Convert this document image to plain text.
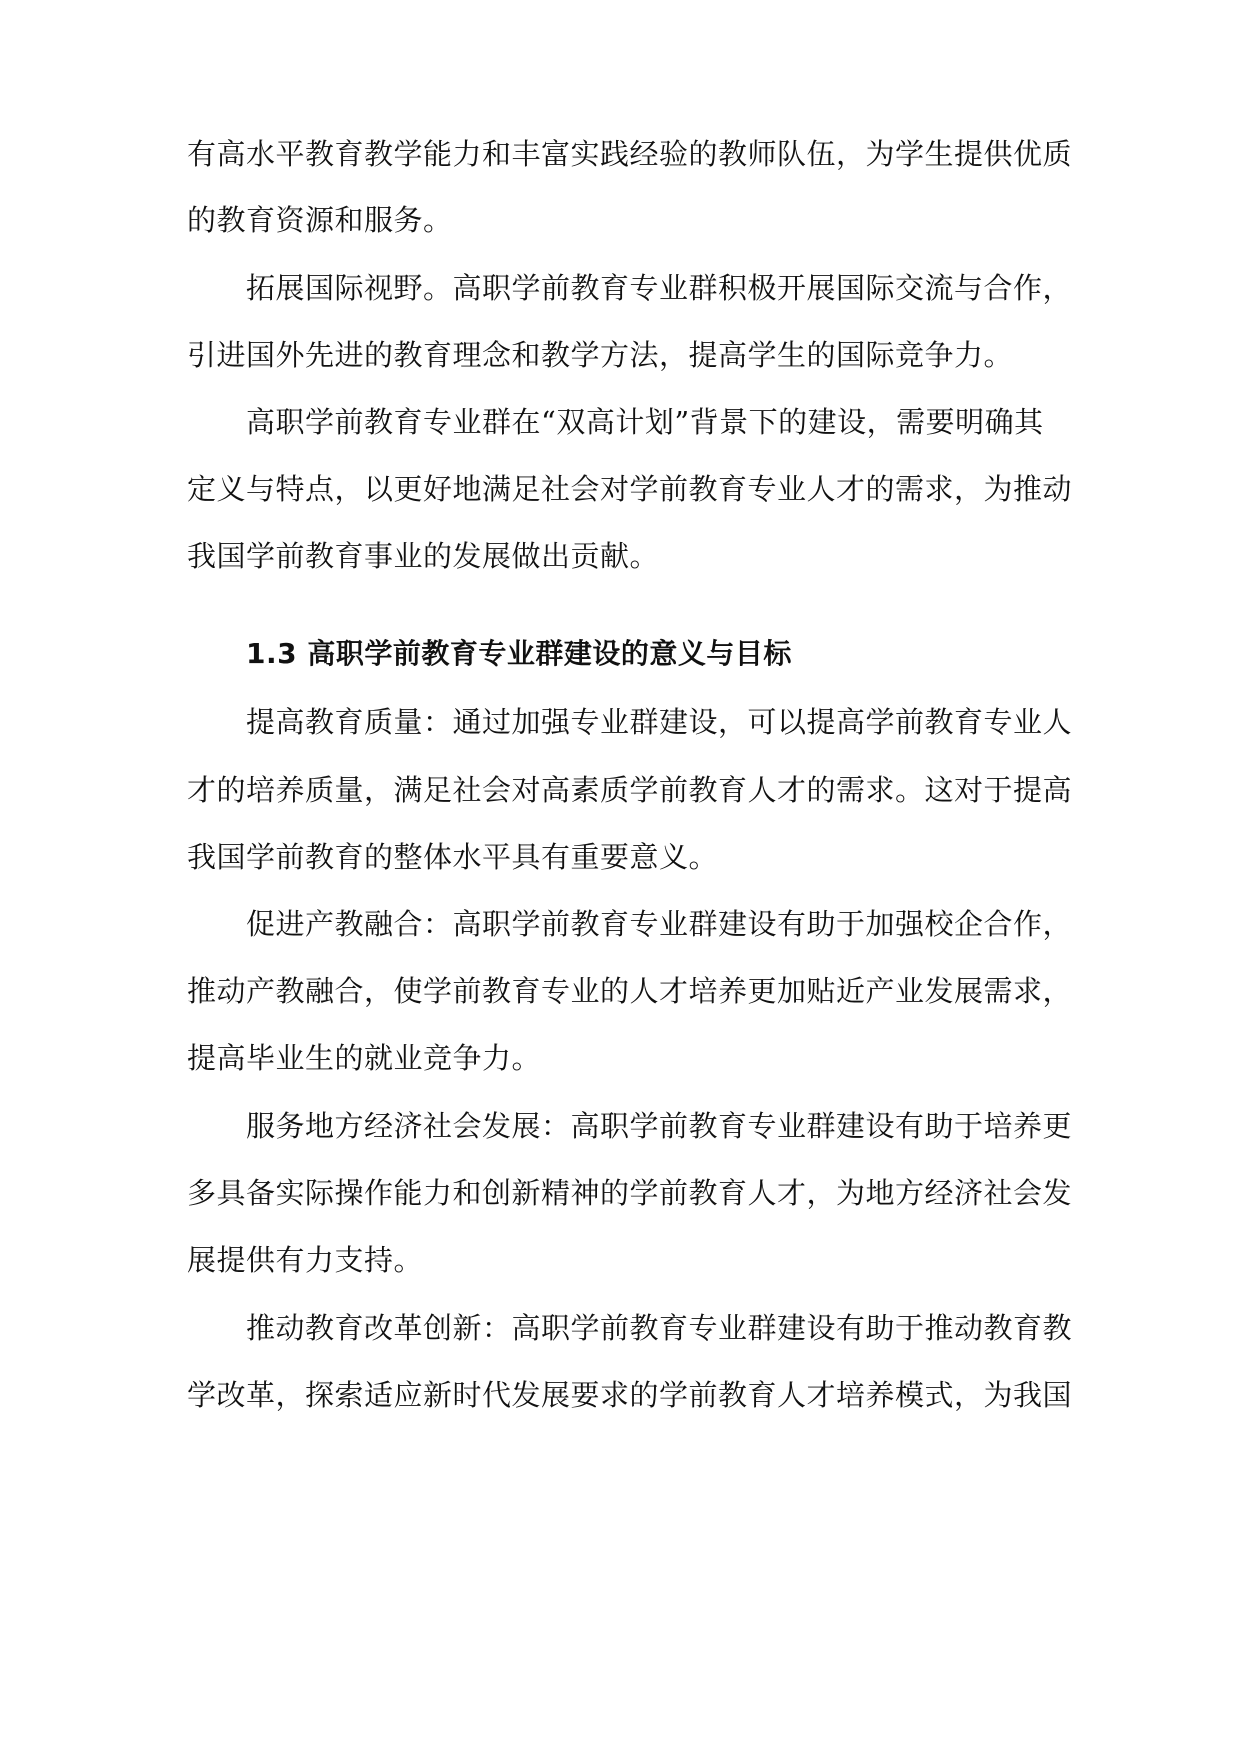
有高水平教育教学能力和丰富实践经验的教师队伍，为学生提供优质
的教育资源和服务。
拓展国际视野。高职学前教育专业群积极开展国际交流与合作，
引进国外先进的教育理念和教学方法，提高学生的国际竞争力。
高职学前教育专业群在“双高计划”背景下的建设，需要明确其
定义与特点，以更好地满足社会对学前教育专业人才的需求，为推动
我国学前教育事业的发展做出贡献。
1.3 高职学前教育专业群建设的意义与目标
提高教育质量：通过加强专业群建设，可以提高学前教育专业人
才的培养质量，满足社会对高素质学前教育人才的需求。这对于提高
我国学前教育的整体水平具有重要意义。
促进产教融合：高职学前教育专业群建设有助于加强校企合作，
推动产教融合，使学前教育专业的人才培养更加贴近产业发展需求，
提高毕业生的就业竞争力。
服务地方经济社会发展：高职学前教育专业群建设有助于培养更
多具备实际操作能力和创新精神的学前教育人才，为地方经济社会发
展提供有力支持。
推动教育改革创新：高职学前教育专业群建设有助于推动教育教
学改革，探索适应新时代发展要求的学前教育人才培养模式，为我国
